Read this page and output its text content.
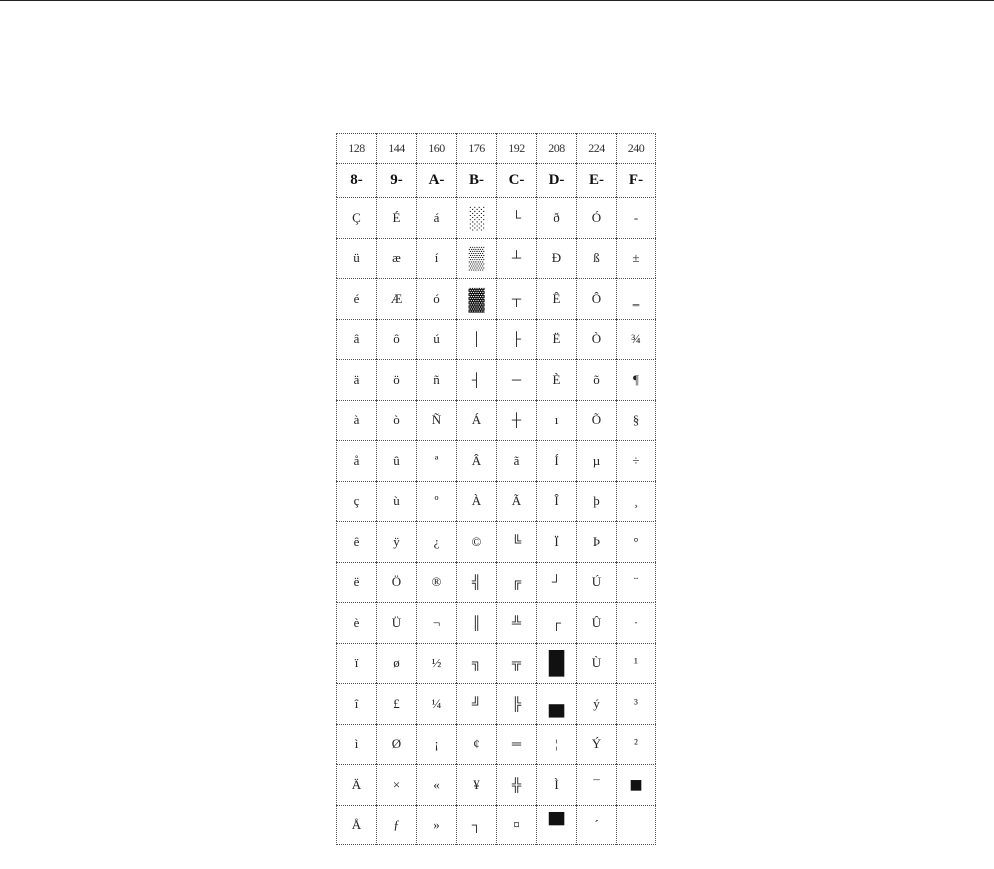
128	144	160	176	192	208	224	240
8-	9-	A-	B-	C-	D-	E-	F-
Ç	É	á	░	└	ð	Ó	-
ü	æ	í	▒	┴	Ð	ß	±
é	Æ	ó	▓	┬	Ê	Ô	‗
â	ô	ú	│	├	Ë	Ò	¾
ä	ö	ñ	┤	─	È	õ	¶
à	ò	Ñ	Á	┼	ı	Õ	§
å	û	ª	Â	ã	Í	µ	÷
ç	ù	º	À	Ã	Î	þ	¸
ê	ÿ	¿	©	╚	Ï	Þ	°
ë	Ö	®	╣	╔	┘	Ú	¨
è	Ü	¬	║	╩	┌	Û	·
ï	ø	½	╗	╦	█	Ù	¹
î	£	¼	╝	╠	▄	ý	³
ì	Ø	¡	¢	═	¦	Ý	²
Ä	×	«	¥	╬	Ì	¯	■
Å	ƒ	»	┐	¤	▀	´
